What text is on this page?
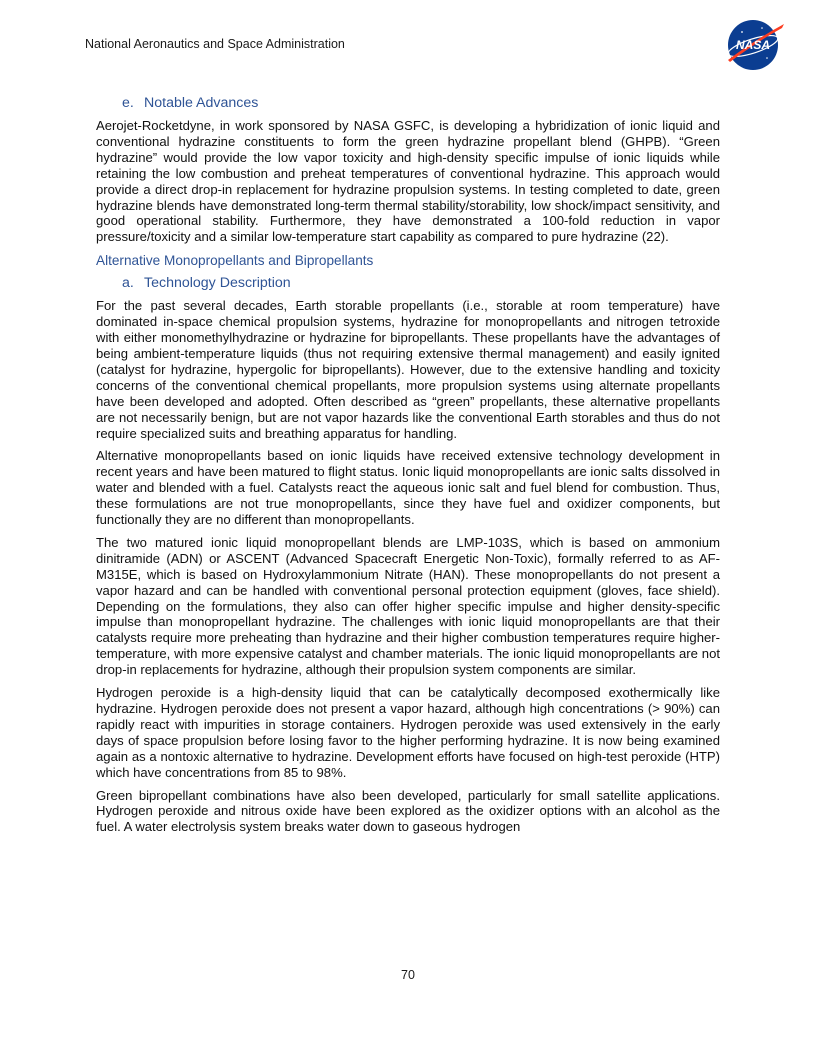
National Aeronautics and Space Administration	NASA
e. Notable Advances

Aerojet-Rocketdyne, in work sponsored by NASA GSFC, is developing a hybridization of ionic liquid and conventional hydrazine constituents to form the green hydrazine propellant blend (GHPB). “Green hydrazine” would provide the low vapor toxicity and high-density specific impulse of ionic liquids while retaining the low combustion and preheat temperatures of conventional hydrazine. This approach would provide a direct drop-in replacement for hydrazine propulsion systems. In testing completed to date, green hydrazine blends have demonstrated long-term thermal stability/storability, low shock/impact sensitivity, and good operational stability. Furthermore, they have demonstrated a 100-fold reduction in vapor pressure/toxicity and a similar low-temperature start capability as compared to pure hydrazine (22).

Alternative Monopropellants and Bipropellants
a. Technology Description

For the past several decades, Earth storable propellants (i.e., storable at room temperature) have dominated in-space chemical propulsion systems, hydrazine for monopropellants and nitrogen tetroxide with either monomethylhydrazine or hydrazine for bipropellants. These propellants have the advantages of being ambient-temperature liquids (thus not requiring extensive thermal management) and easily ignited (catalyst for hydrazine, hypergolic for bipropellants). However, due to the extensive handling and toxicity concerns of the conventional chemical propellants, more propulsion systems using alternate propellants have been developed and adopted. Often described as “green” propellants, these alternative propellants are not necessarily benign, but are not vapor hazards like the conventional Earth storables and thus do not require specialized suits and breathing apparatus for handling.

Alternative monopropellants based on ionic liquids have received extensive technology development in recent years and have been matured to flight status. Ionic liquid monopropellants are ionic salts dissolved in water and blended with a fuel. Catalysts react the aqueous ionic salt and fuel blend for combustion. Thus, these formulations are not true monopropellants, since they have fuel and oxidizer components, but functionally they are no different than monopropellants.

The two matured ionic liquid monopropellant blends are LMP-103S, which is based on ammonium dinitramide (ADN) or ASCENT (Advanced Spacecraft Energetic Non-Toxic), formally referred to as AF-M315E, which is based on Hydroxylammonium Nitrate (HAN). These monopropellants do not present a vapor hazard and can be handled with conventional personal protection equipment (gloves, face shield). Depending on the formulations, they also can offer higher specific impulse and higher density-specific impulse than monopropellant hydrazine. The challenges with ionic liquid monopropellants are that their catalysts require more preheating than hydrazine and their higher combustion temperatures require higher-temperature, with more expensive catalyst and chamber materials. The ionic liquid monopropellants are not drop-in replacements for hydrazine, although their propulsion system components are similar.

Hydrogen peroxide is a high-density liquid that can be catalytically decomposed exothermically like hydrazine. Hydrogen peroxide does not present a vapor hazard, although high concentrations (> 90%) can rapidly react with impurities in storage containers. Hydrogen peroxide was used extensively in the early days of space propulsion before losing favor to the higher performing hydrazine. It is now being examined again as a nontoxic alternative to hydrazine. Development efforts have focused on high-test peroxide (HTP) which have concentrations from 85 to 98%.

Green bipropellant combinations have also been developed, particularly for small satellite applications. Hydrogen peroxide and nitrous oxide have been explored as the oxidizer options with an alcohol as the fuel. A water electrolysis system breaks water down to gaseous hydrogen

70
